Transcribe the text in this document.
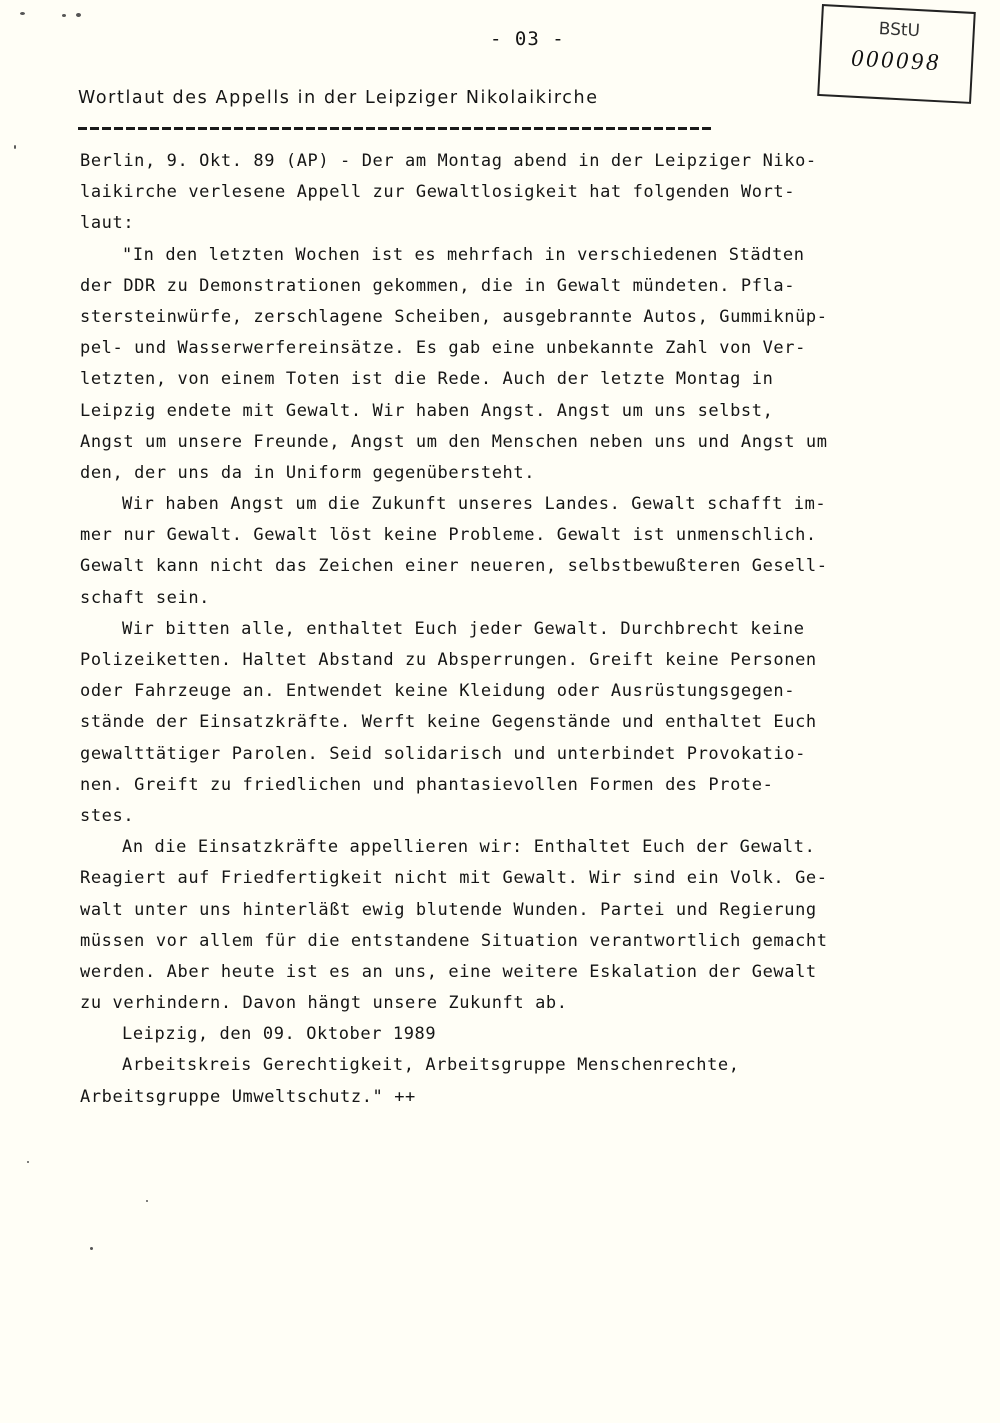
- 03 -	BStU
000098
Wortlaut des Appells in der Leipziger Nikolaikirche
Berlin, 9. Okt. 89 (AP) - Der am Montag abend in der Leipziger Niko-
laikirche verlesene Appell zur Gewaltlosigkeit hat folgenden Wort-
laut:
"In den letzten Wochen ist es mehrfach in verschiedenen Städten
der DDR zu Demonstrationen gekommen, die in Gewalt mündeten. Pfla-
stersteinwürfe, zerschlagene Scheiben, ausgebrannte Autos, Gummiknüp-
pel- und Wasserwerfereinsätze. Es gab eine unbekannte Zahl von Ver-
letzten, von einem Toten ist die Rede. Auch der letzte Montag in
Leipzig endete mit Gewalt. Wir haben Angst. Angst um uns selbst,
Angst um unsere Freunde, Angst um den Menschen neben uns und Angst um
den, der uns da in Uniform gegenübersteht.
Wir haben Angst um die Zukunft unseres Landes. Gewalt schafft im-
mer nur Gewalt. Gewalt löst keine Probleme. Gewalt ist unmenschlich.
Gewalt kann nicht das Zeichen einer neueren, selbstbewußteren Gesell-
schaft sein.
Wir bitten alle, enthaltet Euch jeder Gewalt. Durchbrecht keine
Polizeiketten. Haltet Abstand zu Absperrungen. Greift keine Personen
oder Fahrzeuge an. Entwendet keine Kleidung oder Ausrüstungsgegen-
stände der Einsatzkräfte. Werft keine Gegenstände und enthaltet Euch
gewalttätiger Parolen. Seid solidarisch und unterbindet Provokatio-
nen. Greift zu friedlichen und phantasievollen Formen des Prote-
stes.
An die Einsatzkräfte appellieren wir: Enthaltet Euch der Gewalt.
Reagiert auf Friedfertigkeit nicht mit Gewalt. Wir sind ein Volk. Ge-
walt unter uns hinterläßt ewig blutende Wunden. Partei und Regierung
müssen vor allem für die entstandene Situation verantwortlich gemacht
werden. Aber heute ist es an uns, eine weitere Eskalation der Gewalt
zu verhindern. Davon hängt unsere Zukunft ab.
Leipzig, den 09. Oktober 1989
Arbeitskreis Gerechtigkeit, Arbeitsgruppe Menschenrechte,
Arbeitsgruppe Umweltschutz." ++
